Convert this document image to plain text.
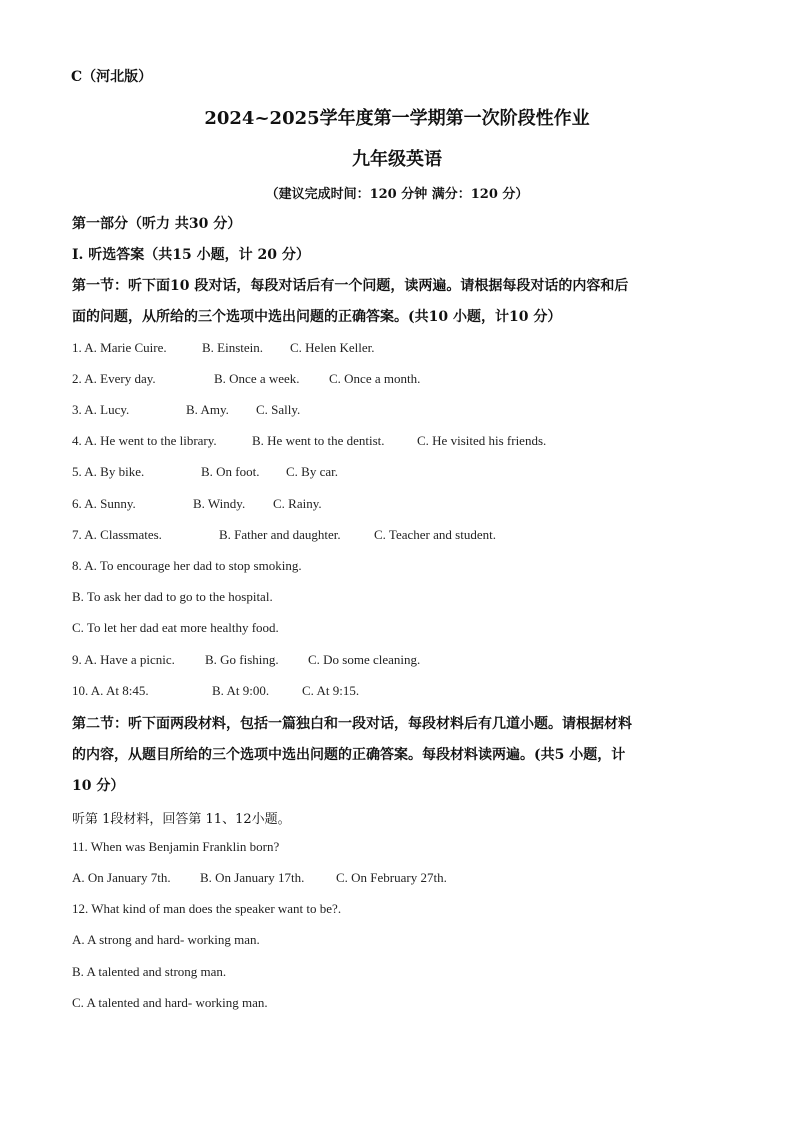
C（河北版）
2024~2025学年度第一学期第一次阶段性作业
九年级英语
（建议完成时间：120 分钟 满分：120 分）
第一部分（听力 共30 分）
Ⅰ. 听选答案（共15 小题，计 20 分）
第一节：听下面10 段对话，每段对话后有一个问题，读两遍。请根据每段对话的内容和后
面的问题，从所给的三个选项中选出问题的正确答案。(共10 小题，计10 分）
1. A. Marie Cuire.	B. Einstein. C. Helen Keller.
2. A. Every day.	B. Once a week. C. Once a month.
3. A. Lucy.	B. Amy. C. Sally.
4. A. He went to the library.	B. He went to the dentist. C. He visited his friends.
5. A. By bike.	B. On foot. C. By car.
6. A. Sunny.	B. Windy. C. Rainy.
7. A. Classmates.	B. Father and daughter.	C. Teacher and student.
8. A. To encourage her dad to stop smoking.
B. To ask her dad to go to the hospital.
C. To let her dad eat more healthy food.
9. A. Have a picnic. B. Go fishing. C. Do some cleaning.
10. A. At 8:45.	B. At 9:00.	C. At 9:15.
第二节：听下面两段材料，包括一篇独白和一段对话，每段材料后有几道小题。请根据材料
的内容，从题目所给的三个选项中选出问题的正确答案。每段材料读两遍。(共5 小题，计
10 分）
听第 1段材料，回答第 11、12小题。
11. When was Benjamin Franklin born?
A. On January 7th. B. On January 17th. C. On February 27th.
12. What kind of man does the speaker want to be?.
A. A strong and hard- working man.
B. A talented and strong man.
C. A talented and hard- working man.
